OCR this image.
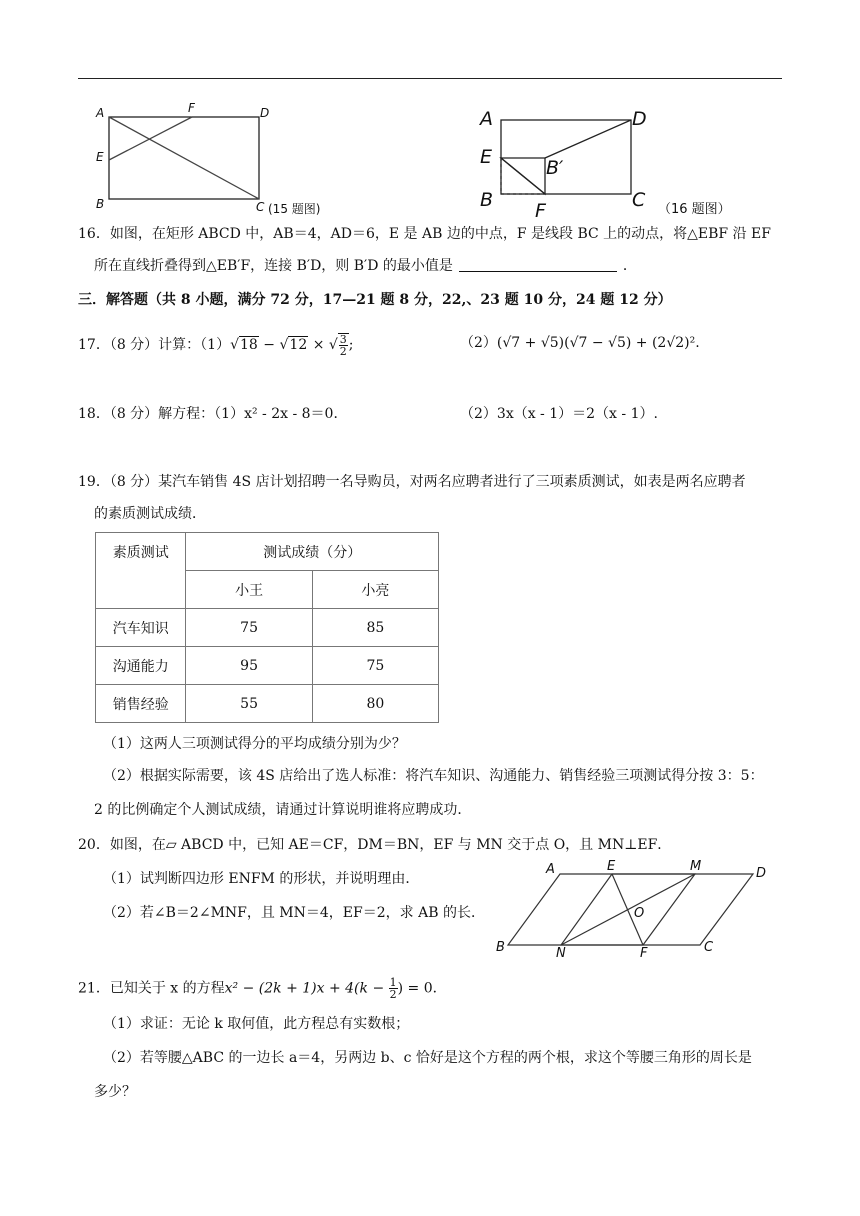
A	F	D
E
B	C (15 题图)
A	D
E	B′
B F	C （16 题图）
16．如图，在矩形 ABCD 中，AB＝4，AD＝6，E 是 AB 边的中点，F 是线段 BC 上的动点，将△EBF 沿 EF
所在直线折叠得到△EB′F，连接 B′D，则 B′D 的最小值是	．
三．解答题（共 8 小题，满分 72 分，17—21 题 8 分，22,、23 题 10 分，24 题 12 分）
17．（8 分）计算：（1）√18 − √12 × √ $\frac{3}{2}$ ;	（2）(√7 + √5)(√7 − √5) + (2√2)².
18．（8 分）解方程：（1）x² ‑ 2x ‑ 8＝0．	（2）3x（x ‑ 1）＝2（x ‑ 1）.
19．（8 分）某汽车销售 4S 店计划招聘一名导购员，对两名应聘者进行了三项素质测试，如表是两名应聘者
的素质测试成绩．
素质测试	测试成绩（分）	
	小王	小亮
汽车知识	75	85
沟通能力	95	75
销售经验	55	80
（1）这两人三项测试得分的平均成绩分别为少？
（2）根据实际需要，该 4S 店给出了选人标准：将汽车知识、沟通能力、销售经验三项测试得分按 3：5：
2 的比例确定个人测试成绩，请通过计算说明谁将应聘成功．
20．如图，在▱ ABCD 中，已知 AE＝CF，DM＝BN，EF 与 MN 交于点 O，且 MN⊥EF．
（1）试判断四边形 ENFM 的形状，并说明理由．
（2）若∠B＝2∠MNF，且 MN＝4，EF＝2，求 AB 的长．
A	E	M	D
O
B	N	F	C
21．已知关于 x 的方程$x^2 - (2k + 1)x + 4(k - \frac{1}{2}$ ) = 0．
（1）求证：无论 k 取何值，此方程总有实数根；
（2）若等腰△ABC 的一边长 a＝4，另两边 b、c 恰好是这个方程的两个根，求这个等腰三角形的周长是
多少？
